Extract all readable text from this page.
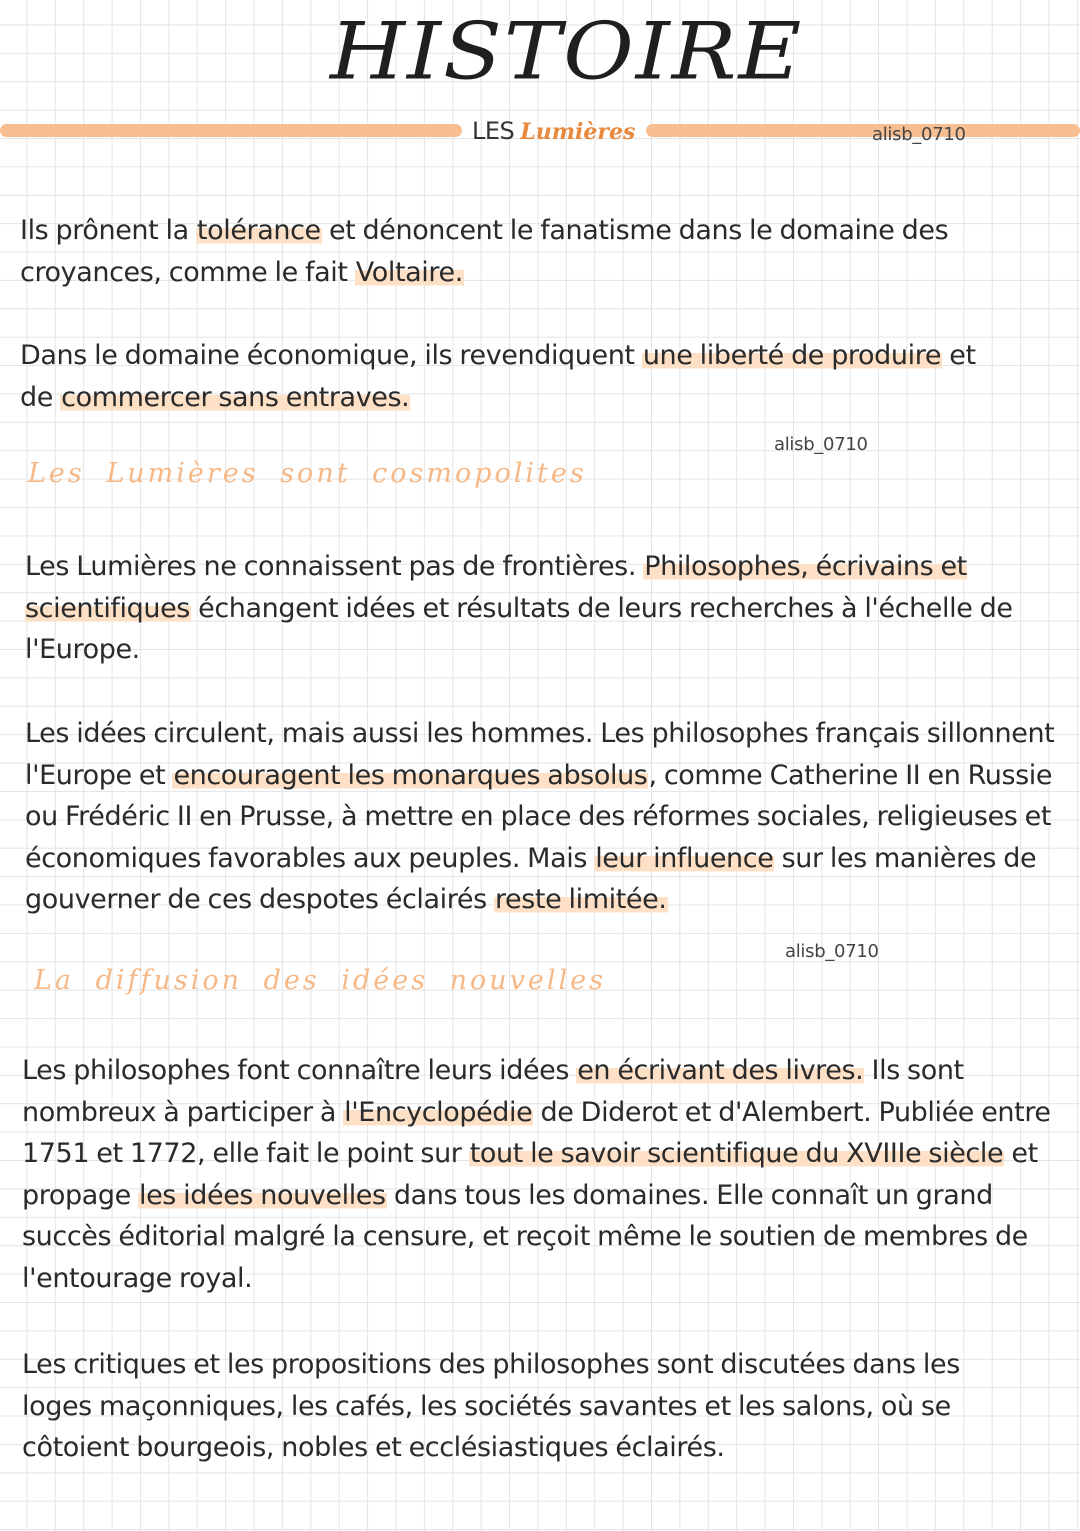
HISTOIRE
LES Lumières	alisb_0710

Ils prônent la tolérance et dénoncent le fanatisme dans le domaine des croyances, comme le fait Voltaire.

Dans le domaine économique, ils revendiquent une liberté de produire et de commercer sans entraves.

alisb_0710
Les Lumières sont cosmopolites

Les Lumières ne connaissent pas de frontières. Philosophes, écrivains et scientifiques échangent idées et résultats de leurs recherches à l'échelle de l'Europe.

Les idées circulent, mais aussi les hommes. Les philosophes français sillonnent l'Europe et encouragent les monarques absolus, comme Catherine II en Russie ou Frédéric II en Prusse, à mettre en place des réformes sociales, religieuses et économiques favorables aux peuples. Mais leur influence sur les manières de gouverner de ces despotes éclairés reste limitée.

alisb_0710
La diffusion des idées nouvelles

Les philosophes font connaître leurs idées en écrivant des livres. Ils sont nombreux à participer à l'Encyclopédie de Diderot et d'Alembert. Publiée entre 1751 et 1772, elle fait le point sur tout le savoir scientifique du XVIIIe siècle et propage les idées nouvelles dans tous les domaines. Elle connaît un grand succès éditorial malgré la censure, et reçoit même le soutien de membres de l'entourage royal.

Les critiques et les propositions des philosophes sont discutées dans les loges maçonniques, les cafés, les sociétés savantes et les salons, où se côtoient bourgeois, nobles et ecclésiastiques éclairés.
